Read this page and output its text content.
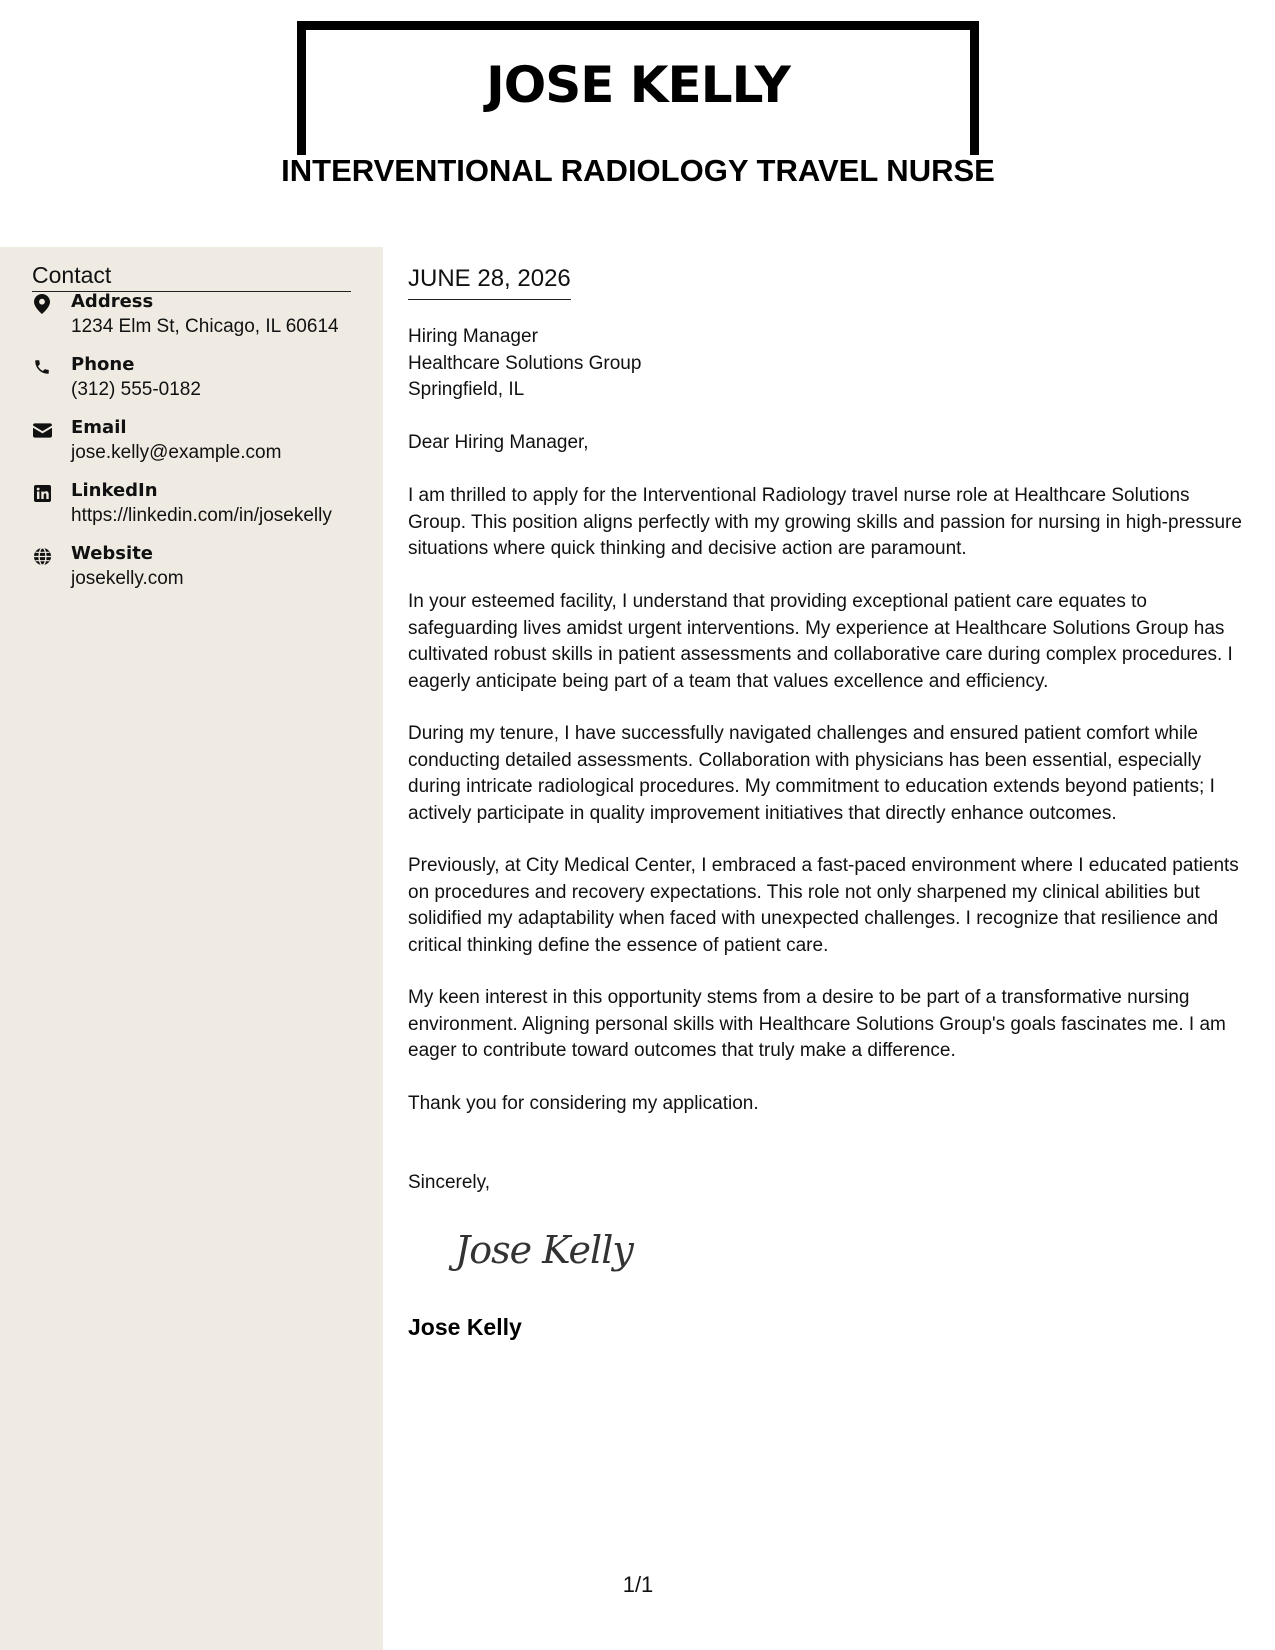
JOSE KELLY
INTERVENTIONAL RADIOLOGY TRAVEL NURSE
Contact
Address
1234 Elm St, Chicago, IL 60614
Phone
(312) 555-0182
Email
jose.kelly@example.com
LinkedIn
https://linkedin.com/in/josekelly
Website
josekelly.com
JUNE 28, 2026
Hiring Manager
Healthcare Solutions Group
Springfield, IL
Dear Hiring Manager,
I am thrilled to apply for the Interventional Radiology travel nurse role at Healthcare Solutions Group. This position aligns perfectly with my growing skills and passion for nursing in high-pressure situations where quick thinking and decisive action are paramount.
In your esteemed facility, I understand that providing exceptional patient care equates to safeguarding lives amidst urgent interventions. My experience at Healthcare Solutions Group has cultivated robust skills in patient assessments and collaborative care during complex procedures. I eagerly anticipate being part of a team that values excellence and efficiency.
During my tenure, I have successfully navigated challenges and ensured patient comfort while conducting detailed assessments. Collaboration with physicians has been essential, especially during intricate radiological procedures. My commitment to education extends beyond patients; I actively participate in quality improvement initiatives that directly enhance outcomes.
Previously, at City Medical Center, I embraced a fast-paced environment where I educated patients on procedures and recovery expectations. This role not only sharpened my clinical abilities but solidified my adaptability when faced with unexpected challenges. I recognize that resilience and critical thinking define the essence of patient care.
My keen interest in this opportunity stems from a desire to be part of a transformative nursing environment. Aligning personal skills with Healthcare Solutions Group's goals fascinates me. I am eager to contribute toward outcomes that truly make a difference.
Thank you for considering my application.
Sincerely,
Jose Kelly
Jose Kelly
1/1
